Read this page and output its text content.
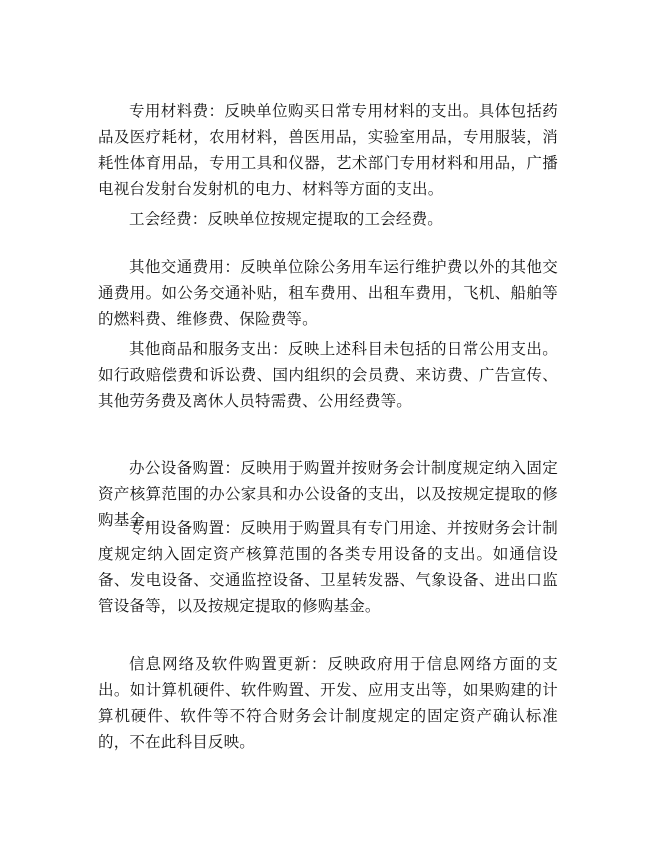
专用材料费：反映单位购买日常专用材料的支出。具体包括药品及医疗耗材，农用材料，兽医用品，实验室用品，专用服装，消耗性体育用品，专用工具和仪器，艺术部门专用材料和用品，广播电视台发射台发射机的电力、材料等方面的支出。

工会经费：反映单位按规定提取的工会经费。

其他交通费用：反映单位除公务用车运行维护费以外的其他交通费用。如公务交通补贴，租车费用、出租车费用，飞机、船舶等的燃料费、维修费、保险费等。

其他商品和服务支出：反映上述科目未包括的日常公用支出。如行政赔偿费和诉讼费、国内组织的会员费、来访费、广告宣传、其他劳务费及离休人员特需费、公用经费等。

办公设备购置：反映用于购置并按财务会计制度规定纳入固定资产核算范围的办公家具和办公设备的支出，以及按规定提取的修购基金。

专用设备购置：反映用于购置具有专门用途、并按财务会计制度规定纳入固定资产核算范围的各类专用设备的支出。如通信设备、发电设备、交通监控设备、卫星转发器、气象设备、进出口监管设备等，以及按规定提取的修购基金。

信息网络及软件购置更新：反映政府用于信息网络方面的支出。如计算机硬件、软件购置、开发、应用支出等，如果购建的计算机硬件、软件等不符合财务会计制度规定的固定资产确认标准的，不在此科目反映。
